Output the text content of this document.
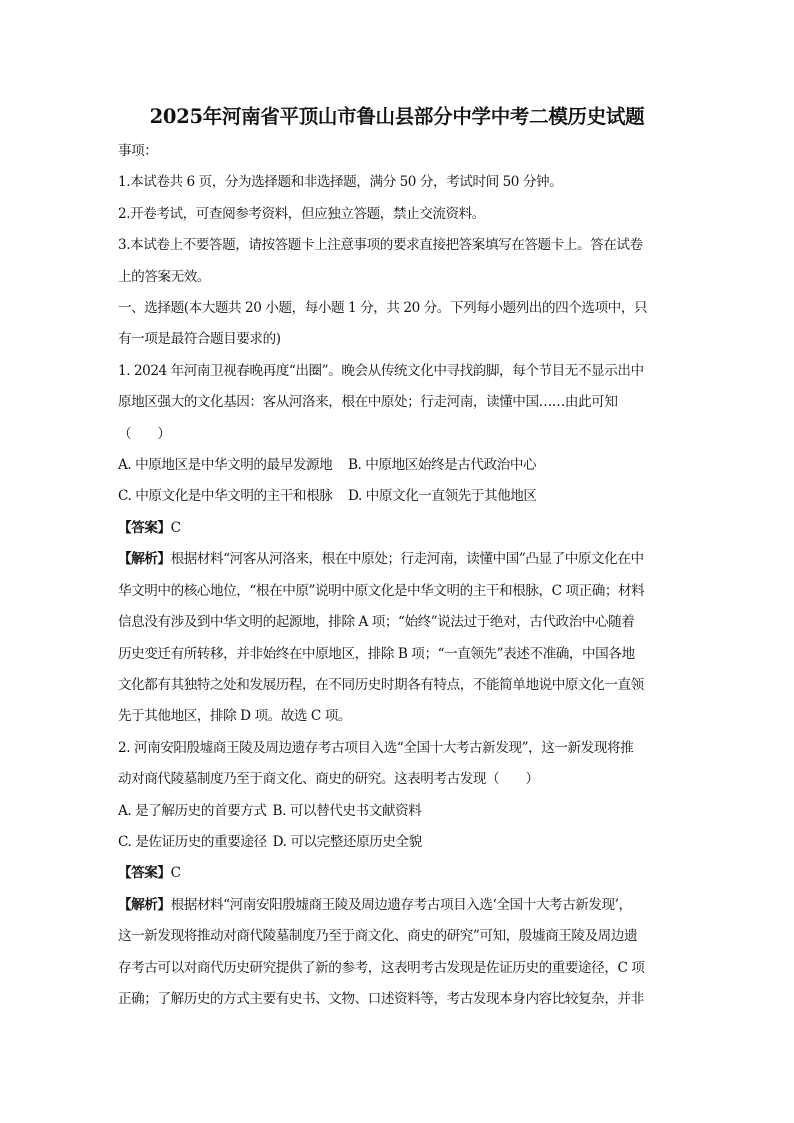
2025年河南省平顶山市鲁山县部分中学中考二模历史试题
事项：
1.本试卷共 6 页，分为选择题和非选择题，满分 50 分，考试时间 50 分钟。
2.开卷考试，可查阅参考资料，但应独立答题，禁止交流资料。
3.本试卷上不要答题，请按答题卡上注意事项的要求直接把答案填写在答题卡上。答在试卷
上的答案无效。
一、选择题(本大题共 20 小题，每小题 1 分，共 20 分。下列每小题列出的四个选项中，只
有一项是最符合题目要求的)
1. 2024 年河南卫视春晚再度“出圈”。晚会从传统文化中寻找韵脚，每个节目无不显示出中
原地区强大的文化基因：客从河洛来，根在中原处；行走河南，读懂中国……由此可知
（　　）
A. 中原地区是中华文明的最早发源地 B. 中原地区始终是古代政治中心
C. 中原文化是中华文明的主干和根脉 D. 中原文化一直领先于其他地区
【答案】C
【解析】根据材料“河客从河洛来，根在中原处；行走河南，读懂中国”凸显了中原文化在中
华文明中的核心地位，“根在中原”说明中原文化是中华文明的主干和根脉，C 项正确；材料
信息没有涉及到中华文明的起源地，排除 A 项；“始终”说法过于绝对，古代政治中心随着
历史变迁有所转移，并非始终在中原地区，排除 B 项；“一直领先”表述不准确，中国各地
文化都有其独特之处和发展历程，在不同历史时期各有特点，不能简单地说中原文化一直领
先于其他地区，排除 D 项。故选 C 项。
2. 河南安阳殷墟商王陵及周边遗存考古项目入选“全国十大考古新发现”，这一新发现将推
动对商代陵墓制度乃至于商文化、商史的研究。这表明考古发现（　　）
A. 是了解历史的首要方式 B. 可以替代史书文献资料
C. 是佐证历史的重要途径 D. 可以完整还原历史全貌
【答案】C
【解析】根据材料“河南安阳殷墟商王陵及周边遗存考古项目入选‘全国十大考古新发现’，
这一新发现将推动对商代陵墓制度乃至于商文化、商史的研究”可知，殷墟商王陵及周边遗
存考古可以对商代历史研究提供了新的参考，这表明考古发现是佐证历史的重要途径，C 项
正确；了解历史的方式主要有史书、文物、口述资料等，考古发现本身内容比较复杂，并非
